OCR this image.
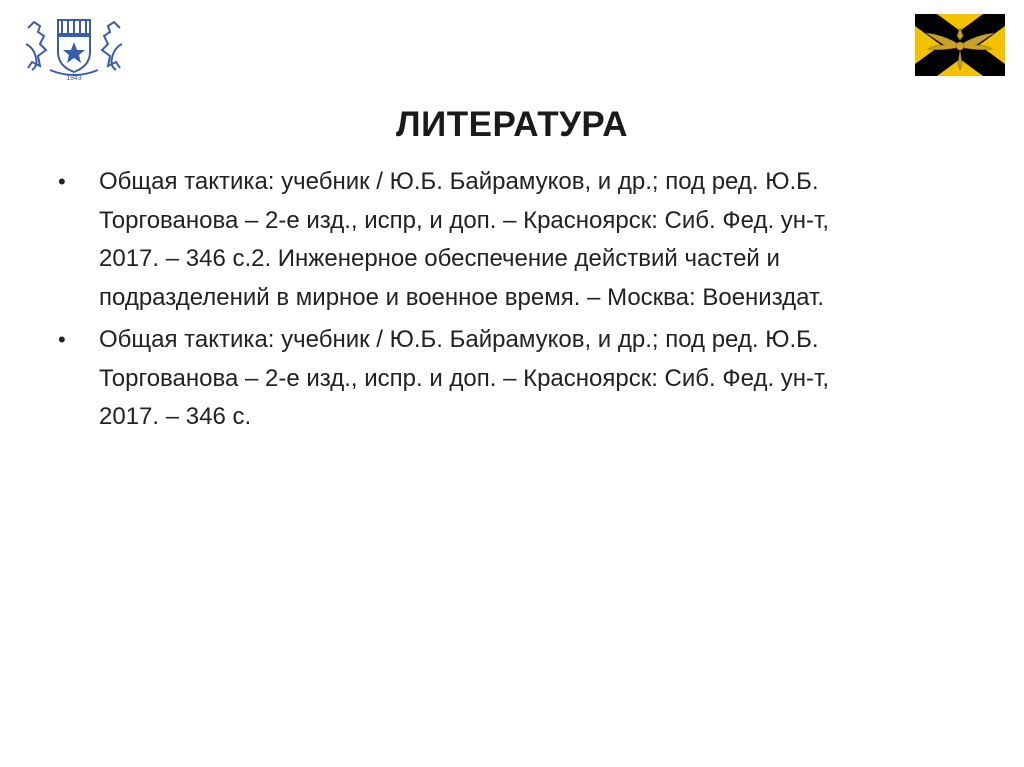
1943
ЛИТЕРАТУРА
• Общая тактика: учебник / Ю.Б. Байрамуков, и др.; под ред. Ю.Б.
Торгованова – 2-е изд., испр, и доп. – Красноярск: Сиб. Фед. ун-т,
2017. – 346 с.2. Инженерное обеспечение действий частей и
подразделений в мирное и военное время. – Москва: Воениздат.
• Общая тактика: учебник / Ю.Б. Байрамуков, и др.; под ред. Ю.Б.
Торгованова – 2-е изд., испр. и доп. – Красноярск: Сиб. Фед. ун-т,
2017. – 346 с.
